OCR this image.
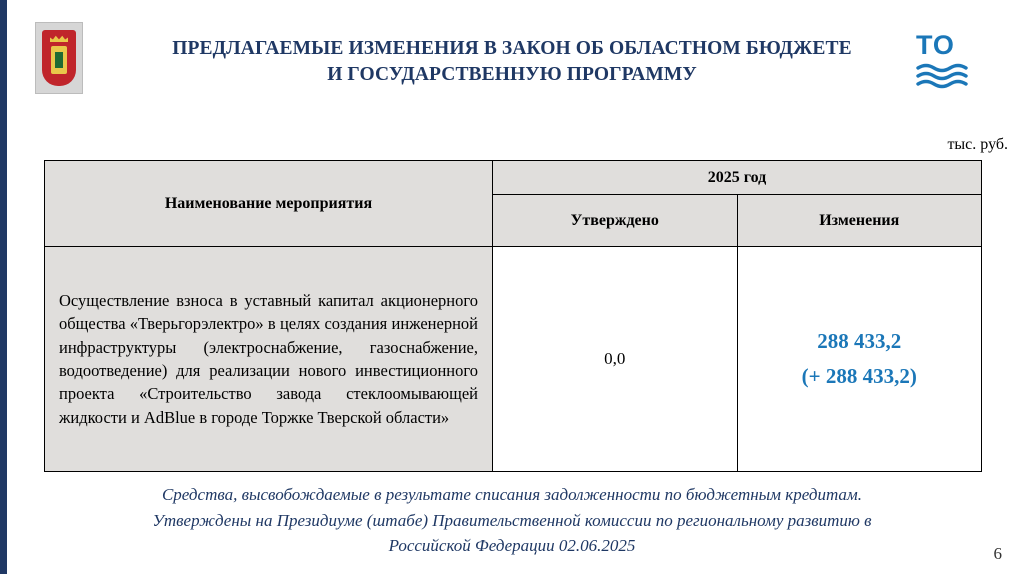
ПРЕДЛАГАЕМЫЕ ИЗМЕНЕНИЯ В ЗАКОН ОБ ОБЛАСТНОМ БЮДЖЕТЕ
И ГОСУДАРСТВЕННУЮ ПРОГРАММУ
ТО
тыс. руб.
Наименование мероприятия	2025 год	
	Утверждено	Изменения

Осуществление взноса в уставный капитал акционерного общества «Тверьгорэлектро» в целях создания инженерной инфраструктуры (электроснабжение, газоснабжение, водоотведение) для реализации нового инвестиционного проекта «Строительство завода стеклоомывающей жидкости и AdBlue в городе Торжке Тверской области»	0,0	288 433,2
(+ 288 433,2)
Средства, высвобождаемые в результате списания задолженности по бюджетным кредитам.
Утверждены на Президиуме (штабе) Правительственной комиссии по региональному развитию в
Российской Федерации 02.06.2025	6
